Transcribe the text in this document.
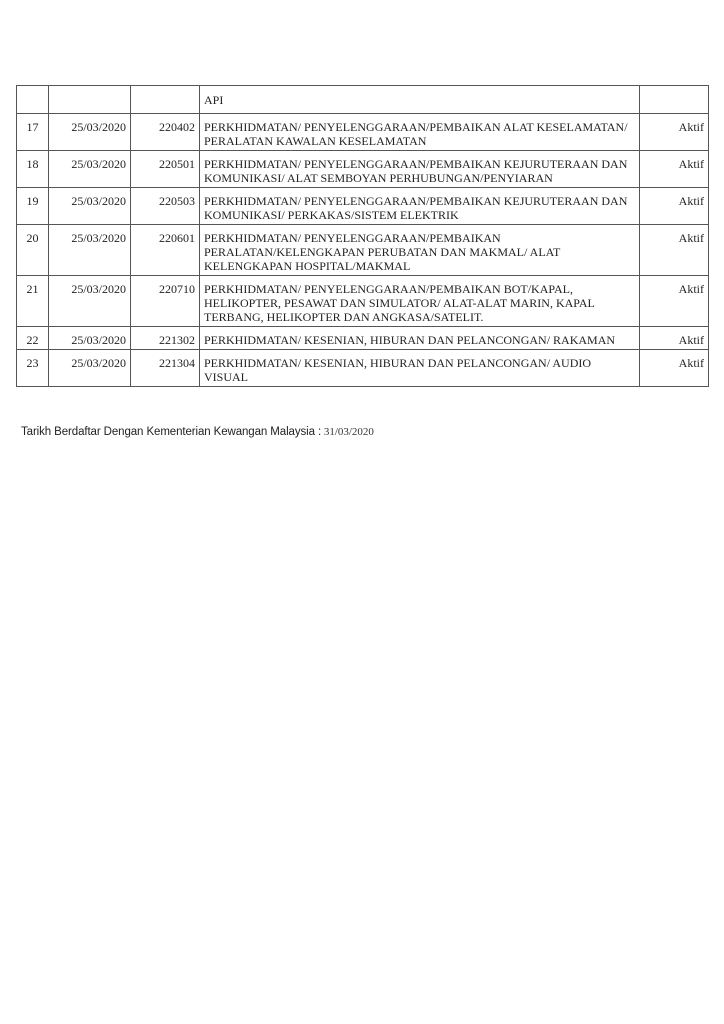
			API	
17	25/03/2020	220402	PERKHIDMATAN/ PENYELENGGARAAN/PEMBAIKAN ALAT KESELAMATAN/ PERALATAN KAWALAN KESELAMATAN	Aktif
18	25/03/2020	220501	PERKHIDMATAN/ PENYELENGGARAAN/PEMBAIKAN KEJURUTERAAN DAN KOMUNIKASI/ ALAT SEMBOYAN PERHUBUNGAN/PENYIARAN	Aktif
19	25/03/2020	220503	PERKHIDMATAN/ PENYELENGGARAAN/PEMBAIKAN KEJURUTERAAN DAN KOMUNIKASI/ PERKAKAS/SISTEM ELEKTRIK	Aktif
20	25/03/2020	220601	PERKHIDMATAN/ PENYELENGGARAAN/PEMBAIKAN PERALATAN/KELENGKAPAN PERUBATAN DAN MAKMAL/ ALAT KELENGKAPAN HOSPITAL/MAKMAL	Aktif
21	25/03/2020	220710	PERKHIDMATAN/ PENYELENGGARAAN/PEMBAIKAN BOT/KAPAL, HELIKOPTER, PESAWAT DAN SIMULATOR/ ALAT-ALAT MARIN, KAPAL TERBANG, HELIKOPTER DAN ANGKASA/SATELIT.	Aktif
22	25/03/2020	221302	PERKHIDMATAN/ KESENIAN, HIBURAN DAN PELANCONGAN/ RAKAMAN	Aktif
23	25/03/2020	221304	PERKHIDMATAN/ KESENIAN, HIBURAN DAN PELANCONGAN/ AUDIO VISUAL	Aktif
Tarikh Berdaftar Dengan Kementerian Kewangan Malaysia : 31/03/2020
